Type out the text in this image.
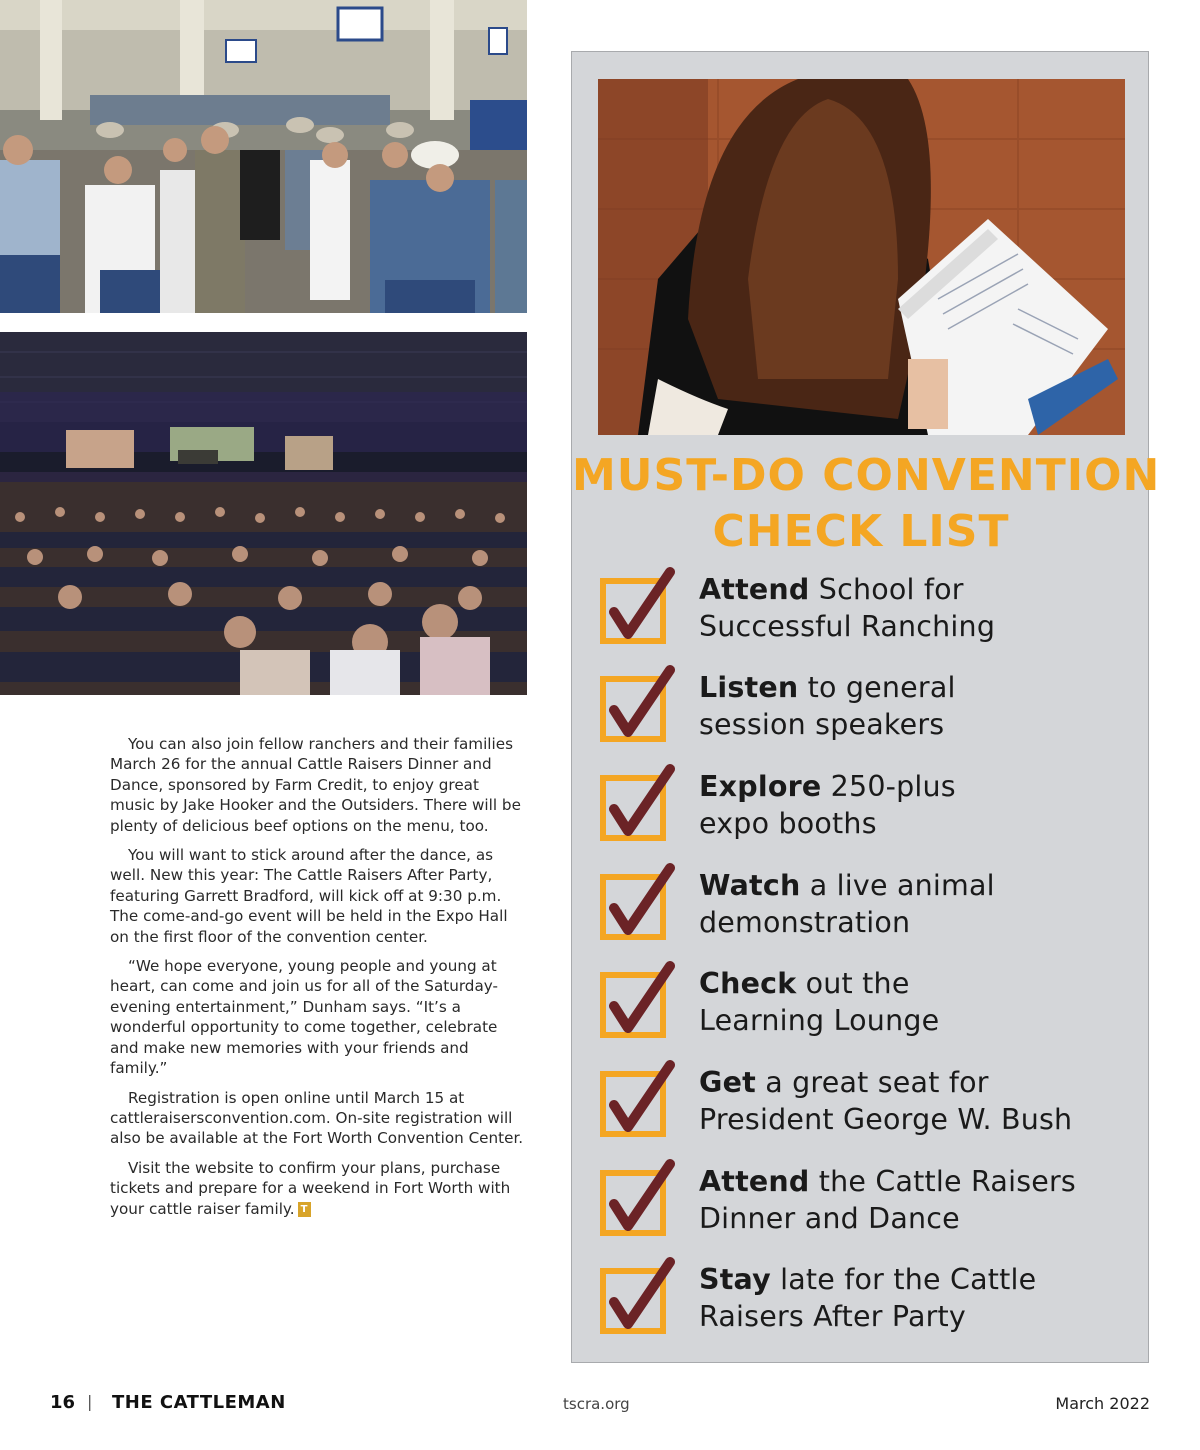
You can also join fellow ranchers and their families March 26 for the annual Cattle Raisers Dinner and Dance, sponsored by Farm Credit, to enjoy great music by Jake Hooker and the Outsiders. There will be plenty of delicious beef options on the menu, too.

You will want to stick around after the dance, as well. New this year: The Cattle Raisers After Party, featuring Garrett Bradford, will kick off at 9:30 p.m. The come-and-go event will be held in the Expo Hall on the first floor of the convention center.

“We hope everyone, young people and young at heart, can come and join us for all of the Saturday-evening entertainment,” Dunham says. “It’s a wonderful opportunity to come together, celebrate and make new memories with your friends and family.”

Registration is open online until March 15 at cattleraisersconvention.com. On-site registration will also be available at the Fort Worth Convention Center.

Visit the website to confirm your plans, purchase tickets and prepare for a weekend in Fort Worth with your cattle raiser family. T

MUST-DO CONVENTION
CHECK LIST
Attend School for
Successful Ranching
Listen to general
session speakers
Explore 250-plus
expo booths
Watch a live animal
demonstration
Check out the
Learning Lounge
Get a great seat for
President George W. Bush
Attend the Cattle Raisers
Dinner and Dance
Stay late for the Cattle
Raisers After Party
16 | THE CATTLEMAN	tscra.org	March 2022
